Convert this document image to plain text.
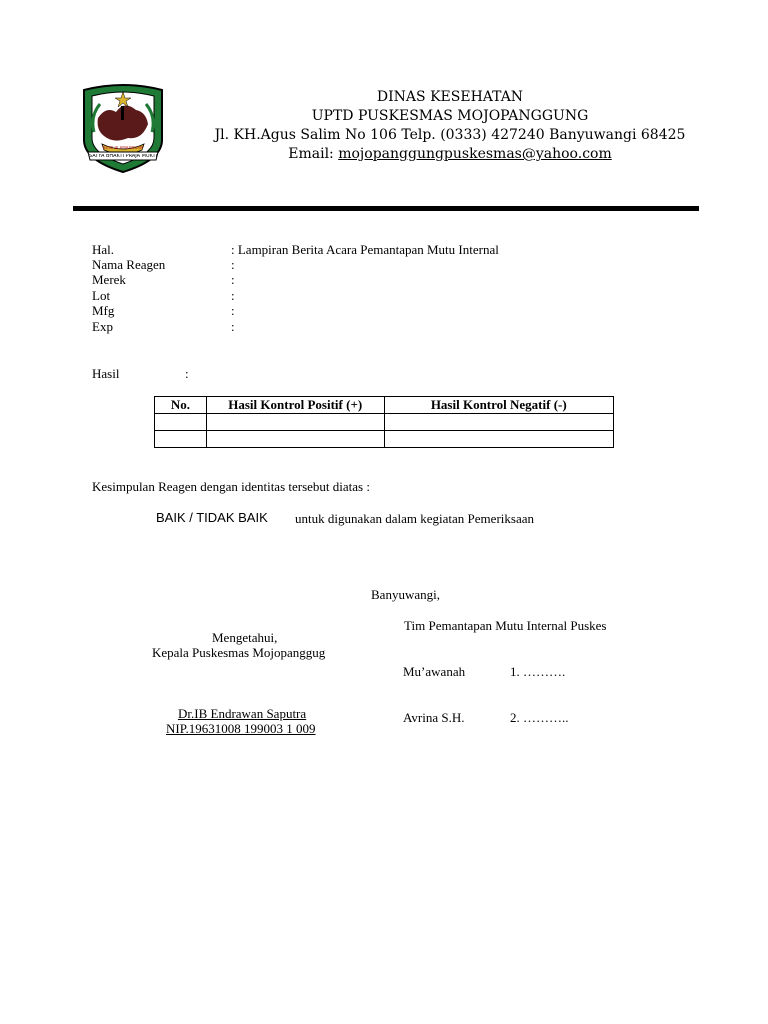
SATYA BHAKTI PRAJA MUKTI
BUMI BLAMBANGAN
DINAS KESEHATAN
UPTD PUSKESMAS MOJOPANGGUNG
Jl. KH.Agus Salim No 106 Telp. (0333) 427240 Banyuwangi 68425
Email: mojopanggungpuskesmas@yahoo.com
Hal.	: Lampiran Berita Acara Pemantapan Mutu Internal
Nama Reagen	:
Merek	:
Lot	:
Mfg	:
Exp	:
Hasil	:
No.	Hasil Kontrol Positif (+)	Hasil Kontrol Negatif (-)

Kesimpulan Reagen dengan identitas tersebut diatas :
BAIK / TIDAK BAIK untuk digunakan dalam kegiatan Pemeriksaan
Banyuwangi,
Tim Pemantapan Mutu Internal Puskes
Mengetahui,
Kepala Puskesmas Mojopanggug
Mu’awanah	1. ……….
Dr.IB Endrawan Saputra	Avrina S.H.	2. ………..
NIP.19631008 199003 1 009
